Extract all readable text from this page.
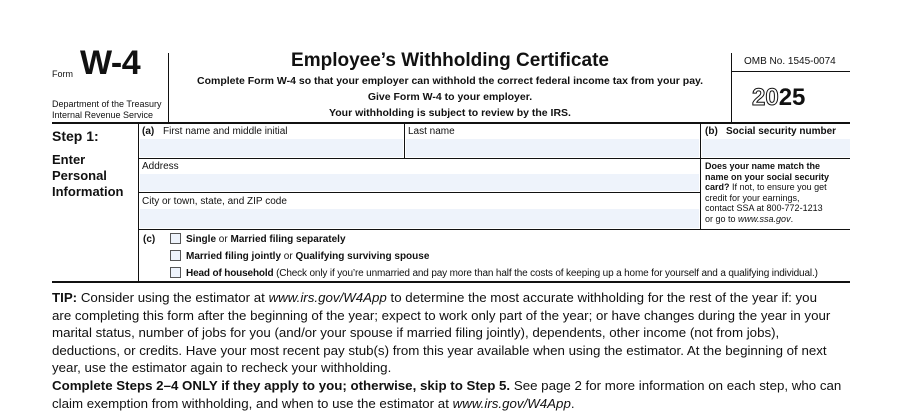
Form W-4
Department of the Treasury
Internal Revenue Service
Employee’s Withholding Certificate
Complete Form W-4 so that your employer can withhold the correct federal income tax from your pay.
Give Form W-4 to your employer.
Your withholding is subject to review by the IRS.
OMB No. 1545-0074
2025
Step 1:
Enter
Personal
Information
(a) First name and middle initial	Last name	(b) Social security number
Address
City or town, state, and ZIP code
Does your name match the
name on your social security
card? If not, to ensure you get
credit for your earnings,
contact SSA at 800-772-1213
or go to www.ssa.gov.
(c)	Single or Married filing separately
Married filing jointly or Qualifying surviving spouse
Head of household (Check only if you’re unmarried and pay more than half the costs of keeping up a home for yourself and a qualifying individual.)
TIP: Consider using the estimator at www.irs.gov/W4App to determine the most accurate withholding for the rest of the year if: you
are completing this form after the beginning of the year; expect to work only part of the year; or have changes during the year in your
marital status, number of jobs for you (and/or your spouse if married filing jointly), dependents, other income (not from jobs),
deductions, or credits. Have your most recent pay stub(s) from this year available when using the estimator. At the beginning of next
year, use the estimator again to recheck your withholding.
Complete Steps 2–4 ONLY if they apply to you; otherwise, skip to Step 5. See page 2 for more information on each step, who can
claim exemption from withholding, and when to use the estimator at www.irs.gov/W4App.
